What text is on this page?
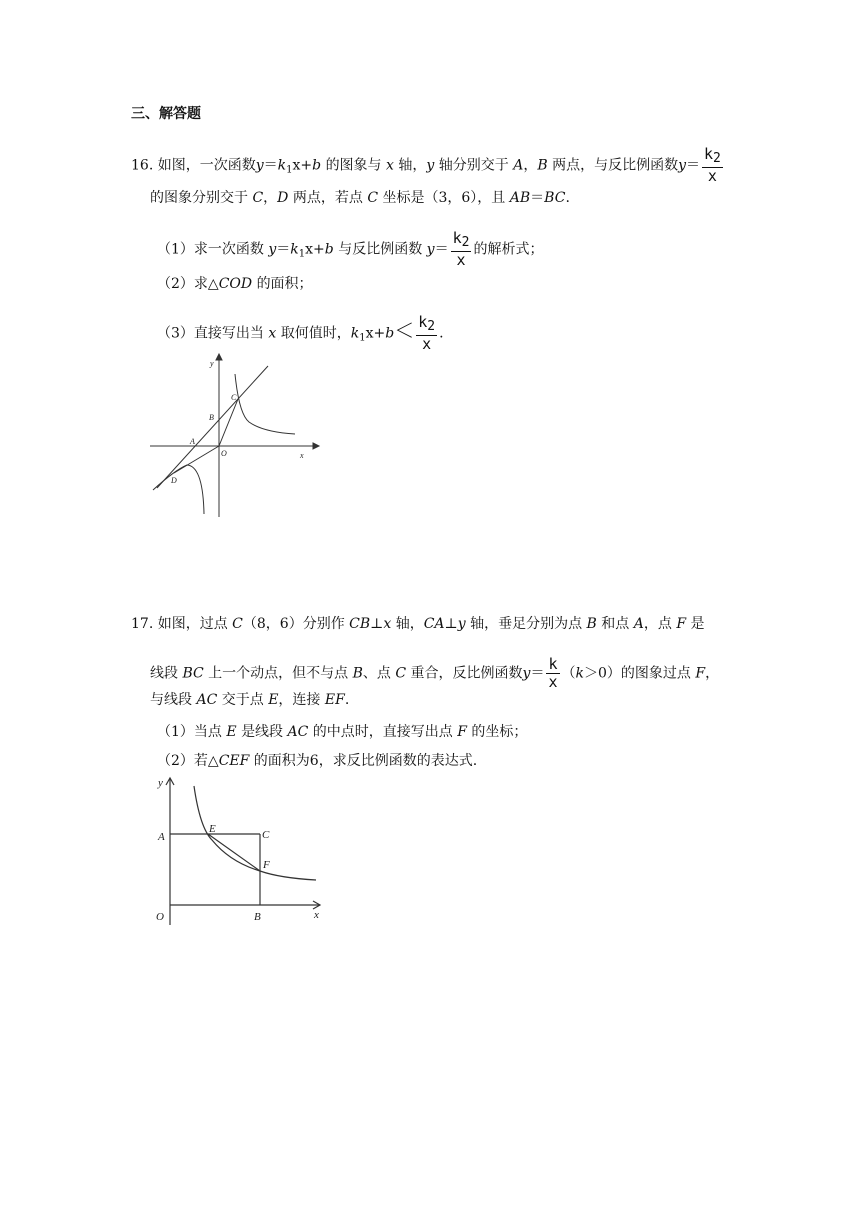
三、解答题
16. 如图，一次函数$y=k_1x+b$ 的图象与 x 轴，y 轴分别交于 A，B 两点，与反比例函数$y= \frac{k2}{x}$
的图象分别交于 C，D 两点，若点 C 坐标是（3，6），且 AB＝BC.
（1）求一次函数 $y=k_1x+b$ 与反比例函数 $y= \frac{k2}{x}$ 的解析式；
（2）求△COD 的面积；
（3）直接写出当 x 取何值时，$k_1x+b< \frac{k2}{x}$ .
y
x
A
B
C
D
O
17. 如图，过点 C（8，6）分别作 CB⊥x 轴，CA⊥y 轴，垂足分别为点 B 和点 A，点 F 是
线段 BC 上一个动点，但不与点 B、点 C 重合，反比例函数$y= \frac{k}{x} (k>0)$的图象过点 F，
与线段 AC 交于点 E，连接 EF.
（1）当点 E 是线段 AC 的中点时，直接写出点 F 的坐标；
（2）若△CEF 的面积为6，求反比例函数的表达式.
y
x
A
E	C
F
O	B
